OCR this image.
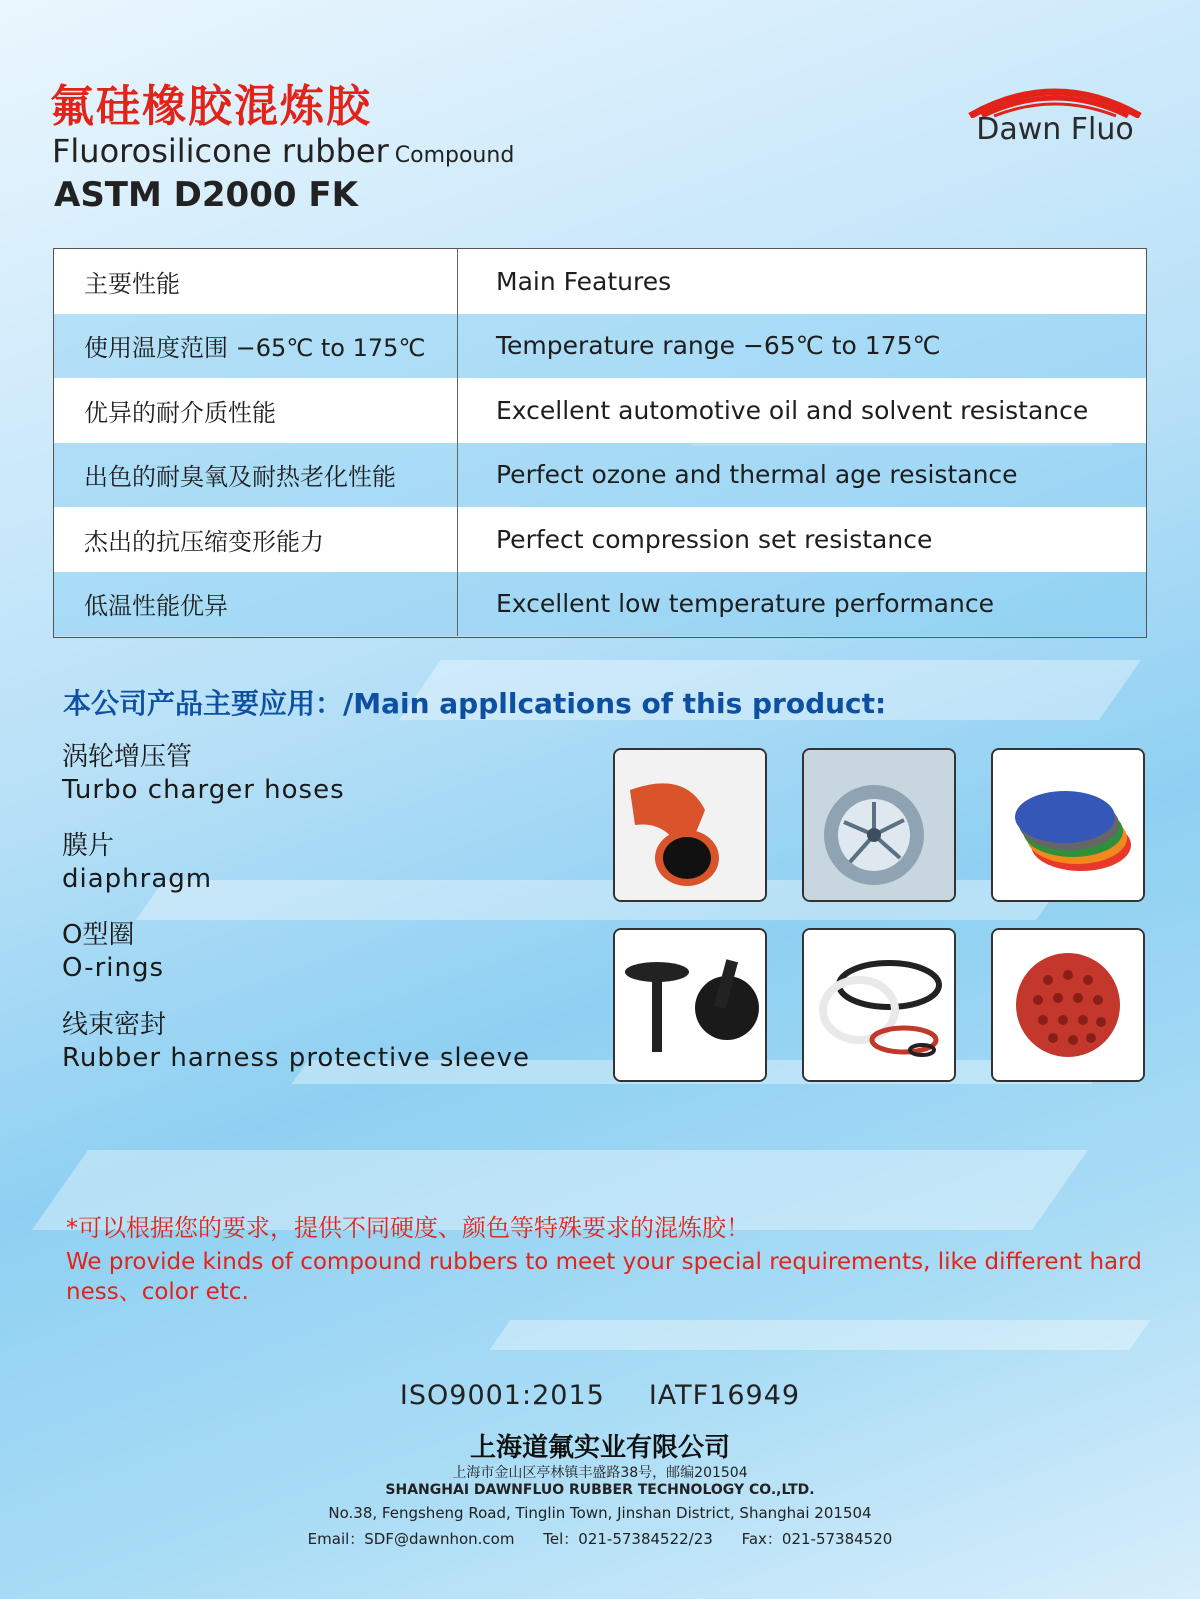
氟硅橡胶混炼胶
Fluorosilicone rubber Compound
ASTM D2000 FK
Dawn Fluo
主要性能	Main Features
使用温度范围 −65℃ to 175℃	Temperature range −65℃ to 175℃
优异的耐介质性能	Excellent automotive oil and solvent resistance
出色的耐臭氧及耐热老化性能	Perfect ozone and thermal age resistance
杰出的抗压缩变形能力	Perfect compression set resistance
低温性能优异	Excellent low temperature performance
本公司产品主要应用：/Main appllcations of this product:
涡轮增压管
Turbo charger hoses
膜片
diaphragm
O型圈
O-rings
线束密封
Rubber harness protective sleeve
*可以根据您的要求，提供不同硬度、颜色等特殊要求的混炼胶！
We provide kinds of compound rubbers to meet your special requirements, like different hard ness、color etc.
ISO9001:2015 IATF16949
上海道氟实业有限公司
上海市金山区亭林镇丰盛路38号，邮编201504
SHANGHAI DAWNFLUO RUBBER TECHNOLOGY CO.,LTD.
No.38, Fengsheng Road, Tinglin Town, Jinshan District, Shanghai 201504
Email：SDF@dawnhon.com Tel：021-57384522/23 Fax：021-57384520
